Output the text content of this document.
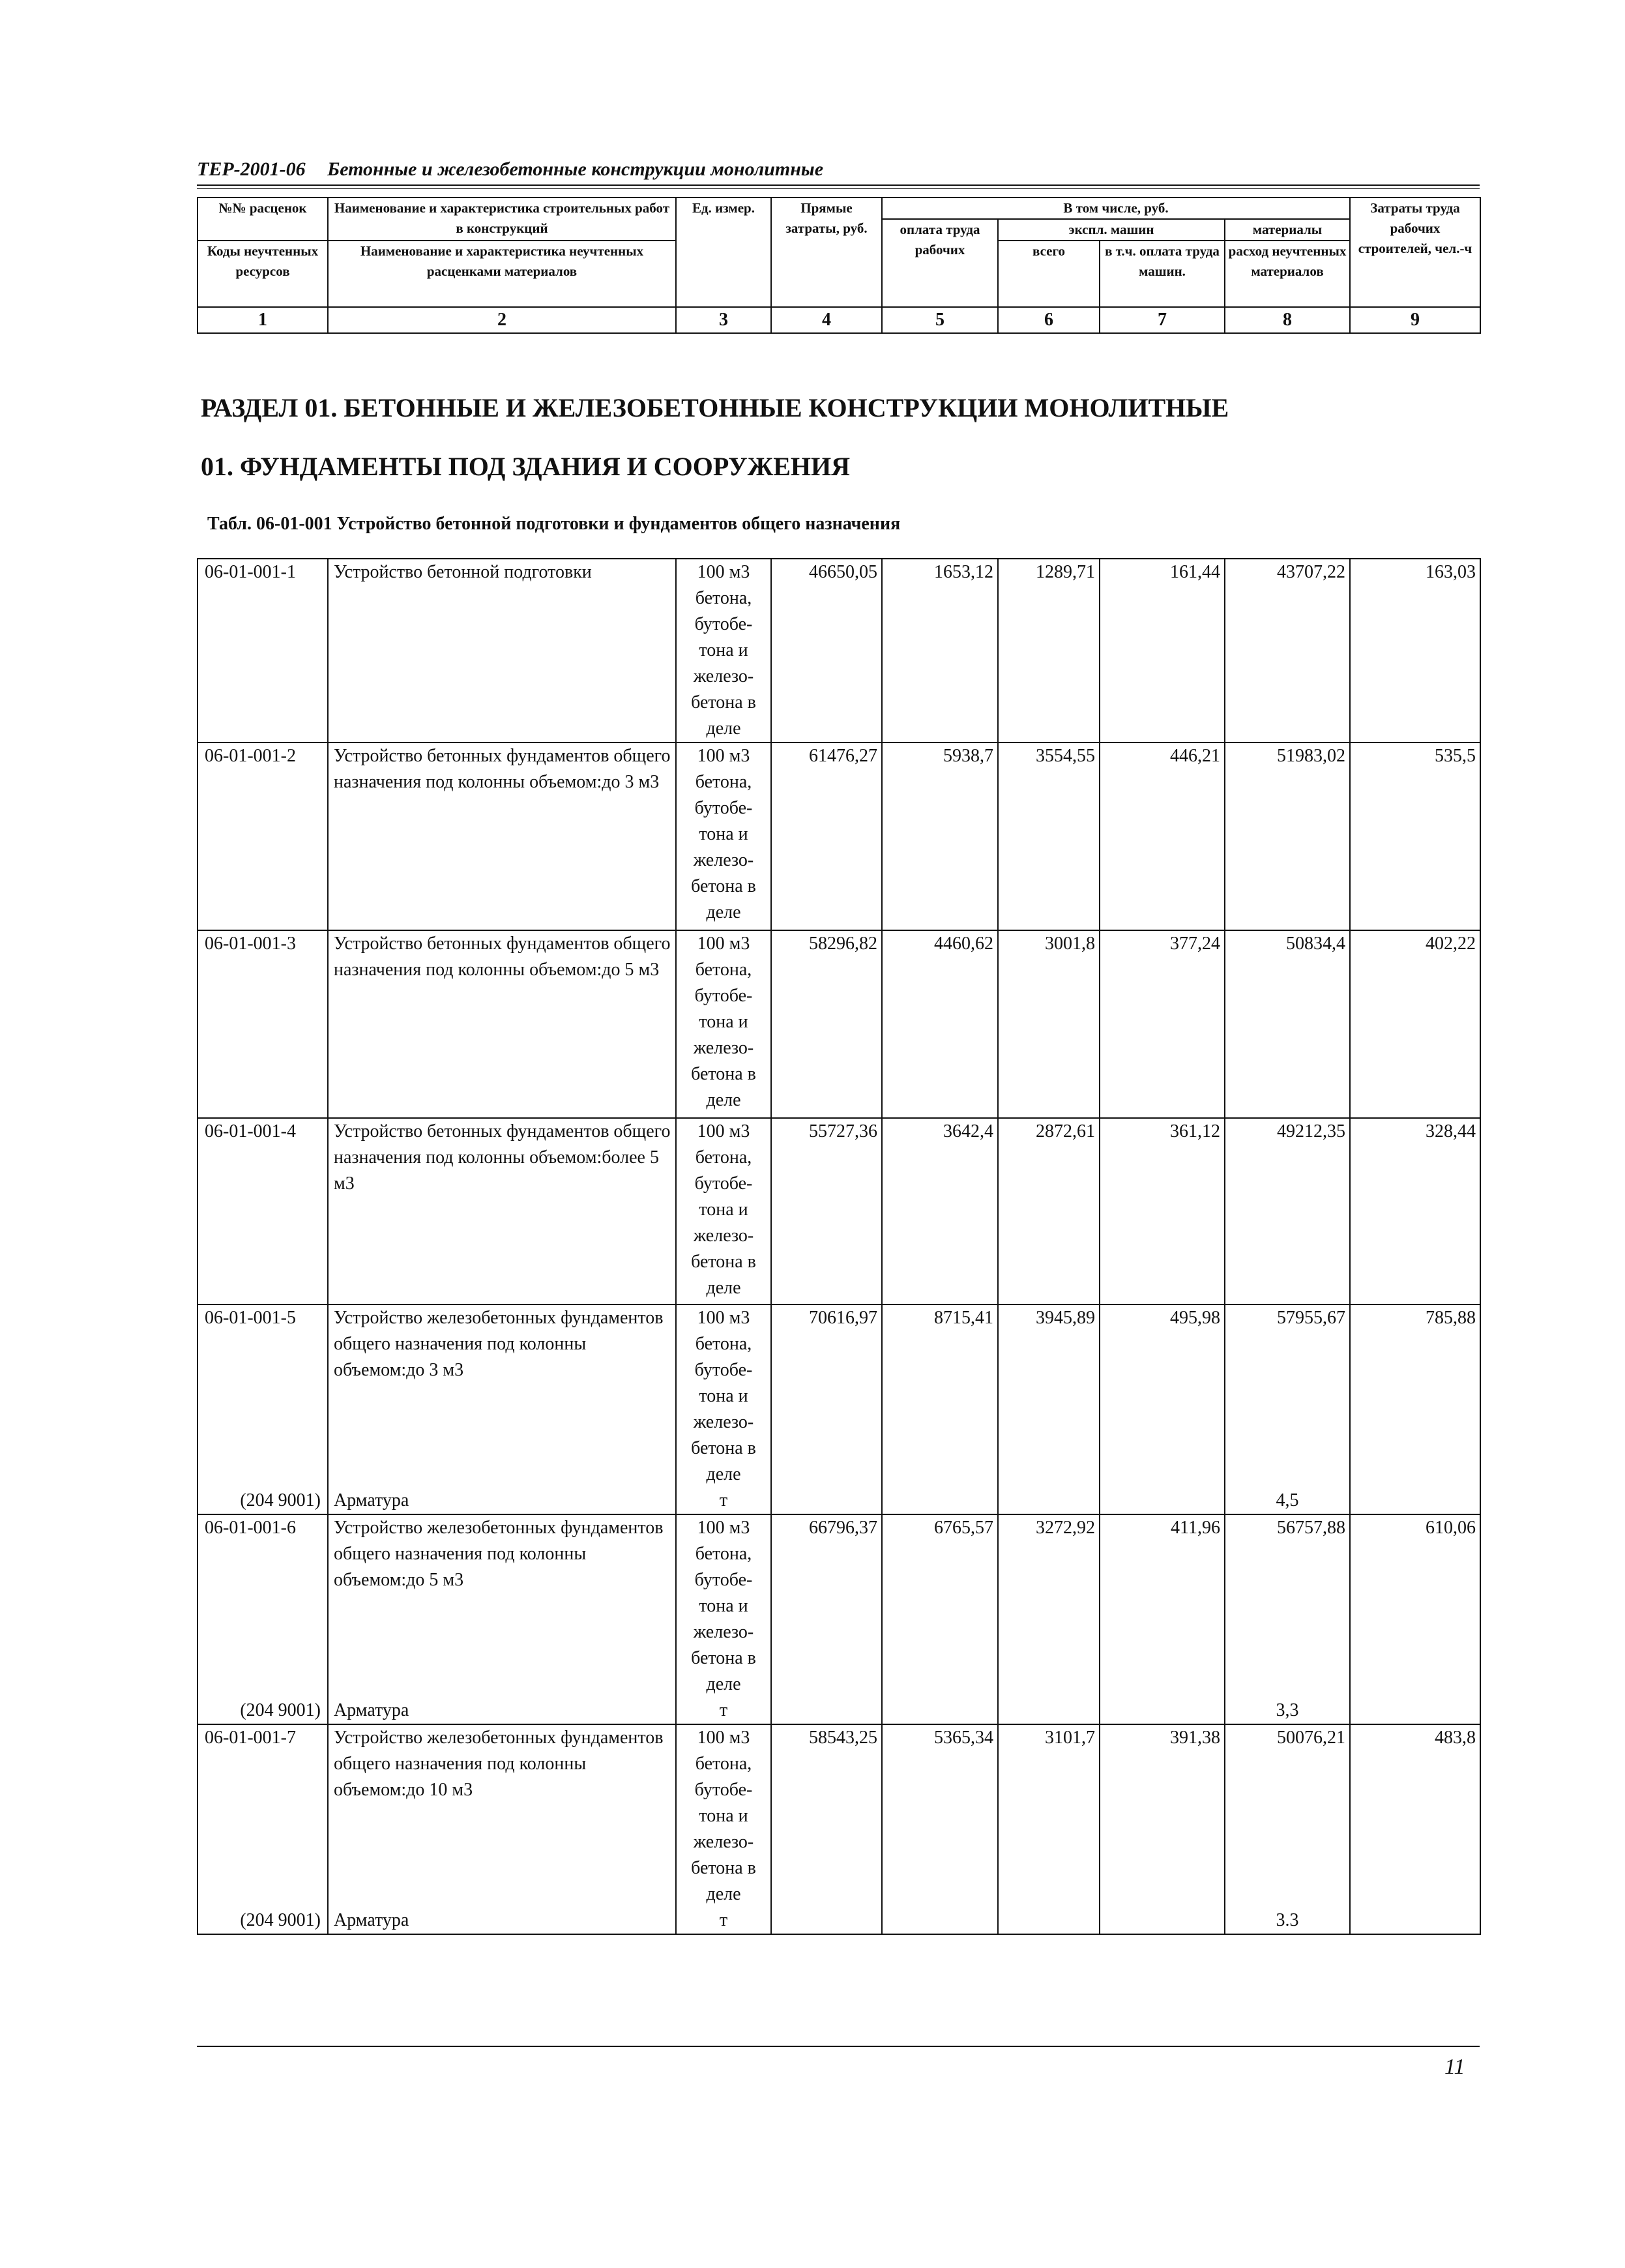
ТЕР-2001-06 Бетонные и железобетонные конструкции монолитные
№№ расценок	Наименование и характеристика строительных работ в конструкций	Ед. измер.	Прямые затраты, руб.	В том числе, руб.				Затраты труда рабочих строителей, чел.-ч
				оплата труда рабочих	экспл. машин		материалы	
Коды неучтенных ресурсов	Наименование и характеристика неучтенных расценками материалов				всего	в т.ч. оплата труда машин.	расход неучтенных материалов	

1	2	3	4	5	6	7	8	9
РАЗДЕЛ 01. БЕТОННЫЕ И ЖЕЛЕЗОБЕТОННЫЕ КОНСТРУКЦИИ МОНОЛИТНЫЕ
01. ФУНДАМЕНТЫ ПОД ЗДАНИЯ И СООРУЖЕНИЯ
Табл. 06-01-001 Устройство бетонной подготовки и фундаментов общего назначения
06-01-001-1	Устройство бетонной подготовки	100 м3 бетона, бутобе- тона и железо- бетона в деле	46650,05	1653,12	1289,71	161,44	43707,22	163,03
06-01-001-2	Устройство бетонных фундаментов общего назначения под колонны объемом:до 3 м3	100 м3 бетона, бутобе- тона и железо- бетона в деле	61476,27	5938,7	3554,55	446,21	51983,02	535,5
06-01-001-3	Устройство бетонных фундаментов общего назначения под колонны объемом:до 5 м3	100 м3 бетона, бутобе- тона и железо- бетона в деле	58296,82	4460,62	3001,8	377,24	50834,4	402,22
06-01-001-4	Устройство бетонных фундаментов общего назначения под колонны объемом:более 5 м3	100 м3 бетона, бутобе- тона и железо- бетона в деле	55727,36	3642,4	2872,61	361,12	49212,35	328,44
06-01-001-5	Устройство железобетонных фундаментов общего назначения под колонны объемом:до 3 м3	100 м3 бетона, бутобе- тона и железо- бетона в деле	70616,97	8715,41	3945,89	495,98	57955,67	785,88
(204 9001)	Арматура	т					4,5	
06-01-001-6	Устройство железобетонных фундаментов общего назначения под колонны объемом:до 5 м3	100 м3 бетона, бутобе- тона и железо- бетона в деле	66796,37	6765,57	3272,92	411,96	56757,88	610,06
(204 9001)	Арматура	т					3,3	
06-01-001-7	Устройство железобетонных фундаментов общего назначения под колонны объемом:до 10 м3	100 м3 бетона, бутобе- тона и железо- бетона в деле	58543,25	5365,34	3101,7	391,38	50076,21	483,8
(204 9001)	Арматура	т					3.3	
11
